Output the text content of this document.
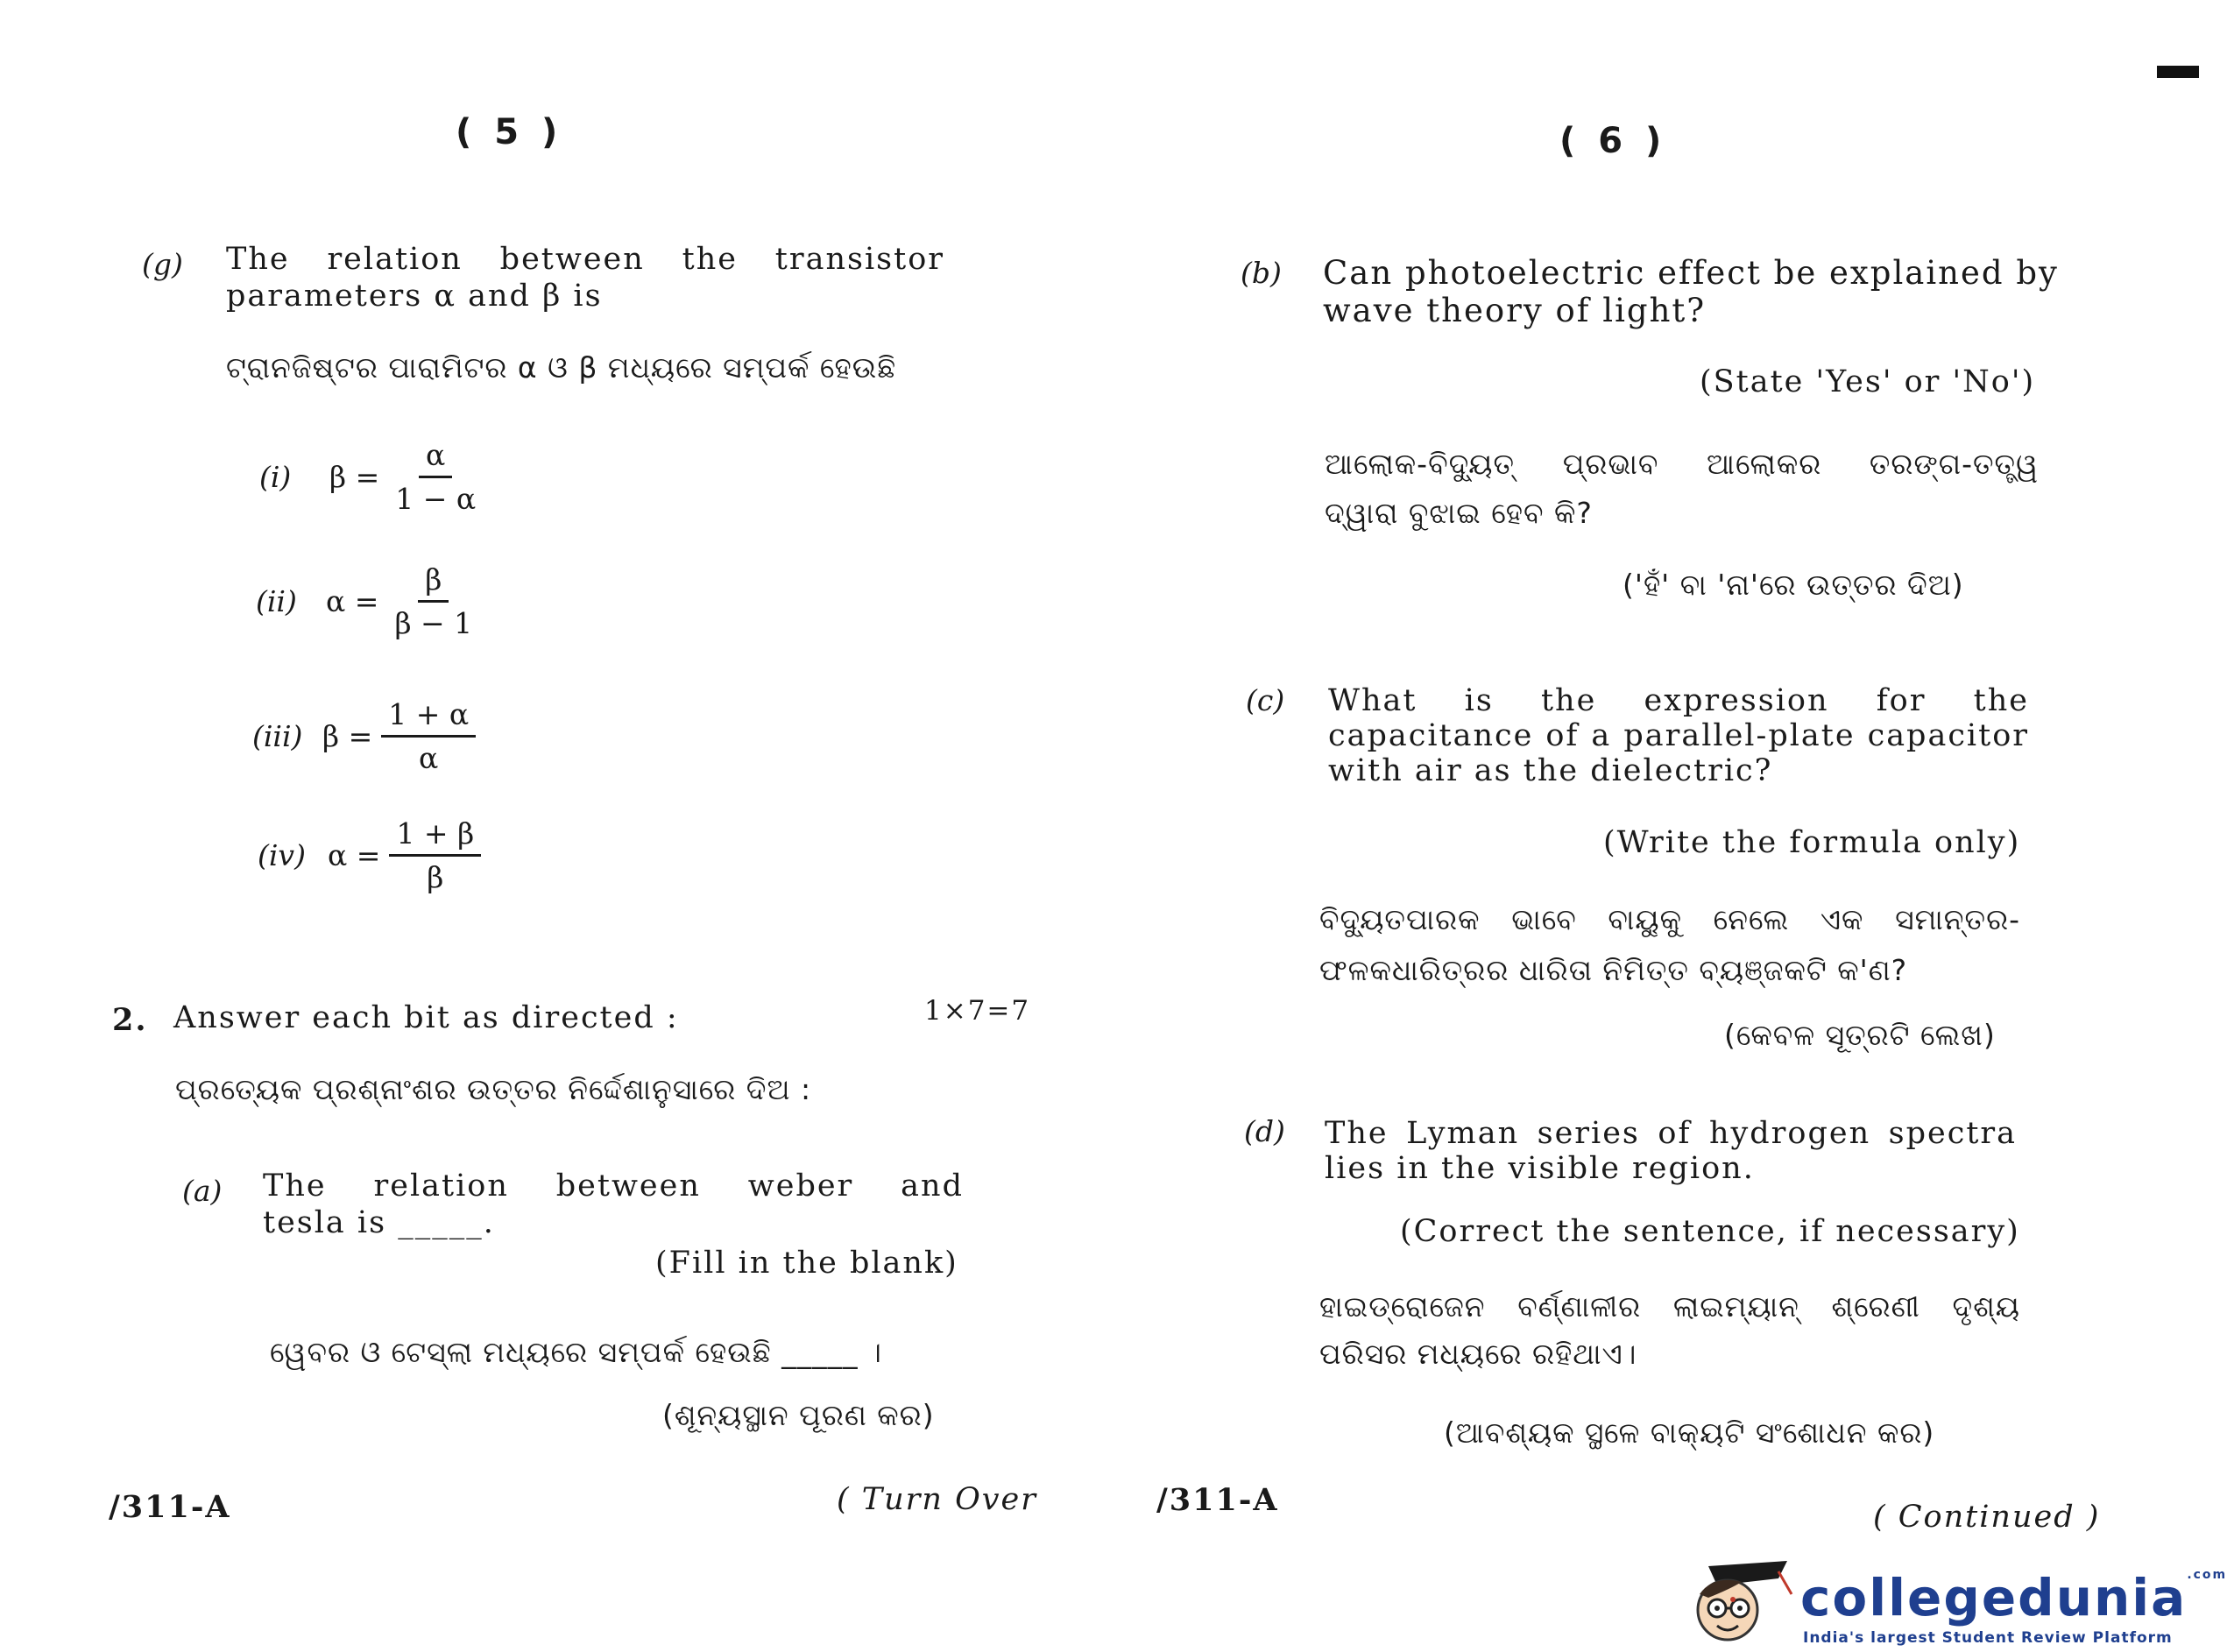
( 5 )
(g) The relation between the transistor
parameters α and β is
ଟ୍ରାନଜିଷ୍ଟର ପାରାମିଟର α ଓ β ମଧ୍ୟରେ ସମ୍ପର୍କ ହେଉଛି
(i)	$\beta = \frac{\alpha}{1 - \alpha}$
(ii)	$\alpha = \frac{\beta}{\beta - 1}$
(iii) $\beta = \frac{1 + \alpha}{\alpha}$
(iv) $\alpha = \frac{1 + \beta}{\beta}$
2. Answer each bit as directed :	1×7=7
ପ୍ରତ୍ୟେକ ପ୍ରଶ୍ନାଂଶର ଉତ୍ତର ନିର୍ଦ୍ଦେଶାନୁସାରେ ଦିଅ :
(a) The relation between weber and
tesla is _____.
(Fill in the blank)
ୱେବର ଓ ଟେସ୍‌ଲା ମଧ୍ୟରେ ସମ୍ପର୍କ ହେଉଛି _____ ।
(ଶୂନ୍ୟସ୍ଥାନ ପୂରଣ କର)
/311-A	( Turn Over
( 6 )
(b) Can photoelectric effect be explained by
wave theory of light?
(State 'Yes' or 'No')
ଆଲୋକ-ବିଦ୍ୟୁତ୍ ପ୍ରଭାବ ଆଲୋକର ତରଙ୍ଗ-ତତ୍ତ୍ୱ
ଦ୍ୱାରା ବୁଝାଇ ହେବ କି?
('ହଁ' ବା 'ନା'ରେ ଉତ୍ତର ଦିଅ)
(c) What is the expression for the
capacitance of a parallel-plate capacitor
with air as the dielectric?
(Write the formula only)
ବିଦ୍ୟୁତପାରକ ଭାବେ ବାୟୁକୁ ନେଲେ ଏକ ସମାନ୍ତର-
ଫଳକଧାରିତ୍ରର ଧାରିତା ନିମିତ୍ତ ବ୍ୟଞ୍ଜକଟି କ'ଣ?
(କେବଳ ସୂତ୍ରଟି ଲେଖ)
(d) The Lyman series of hydrogen spectra
lies in the visible region.
(Correct the sentence, if necessary)
ହାଇଡ୍ରୋଜେନ ବର୍ଣ୍ଣାଳୀର ଲାଇମ୍ୟାନ୍ ଶ୍ରେଣୀ ଦୃଶ୍ୟ
ପରିସର ମଧ୍ୟରେ ରହିଥାଏ।
(ଆବଶ୍ୟକ ସ୍ଥଳେ ବାକ୍ୟଟି ସଂଶୋଧନ କର)
/311-A	( Continued )
collegedunia$^{.com}$
India's largest Student Review Platform
